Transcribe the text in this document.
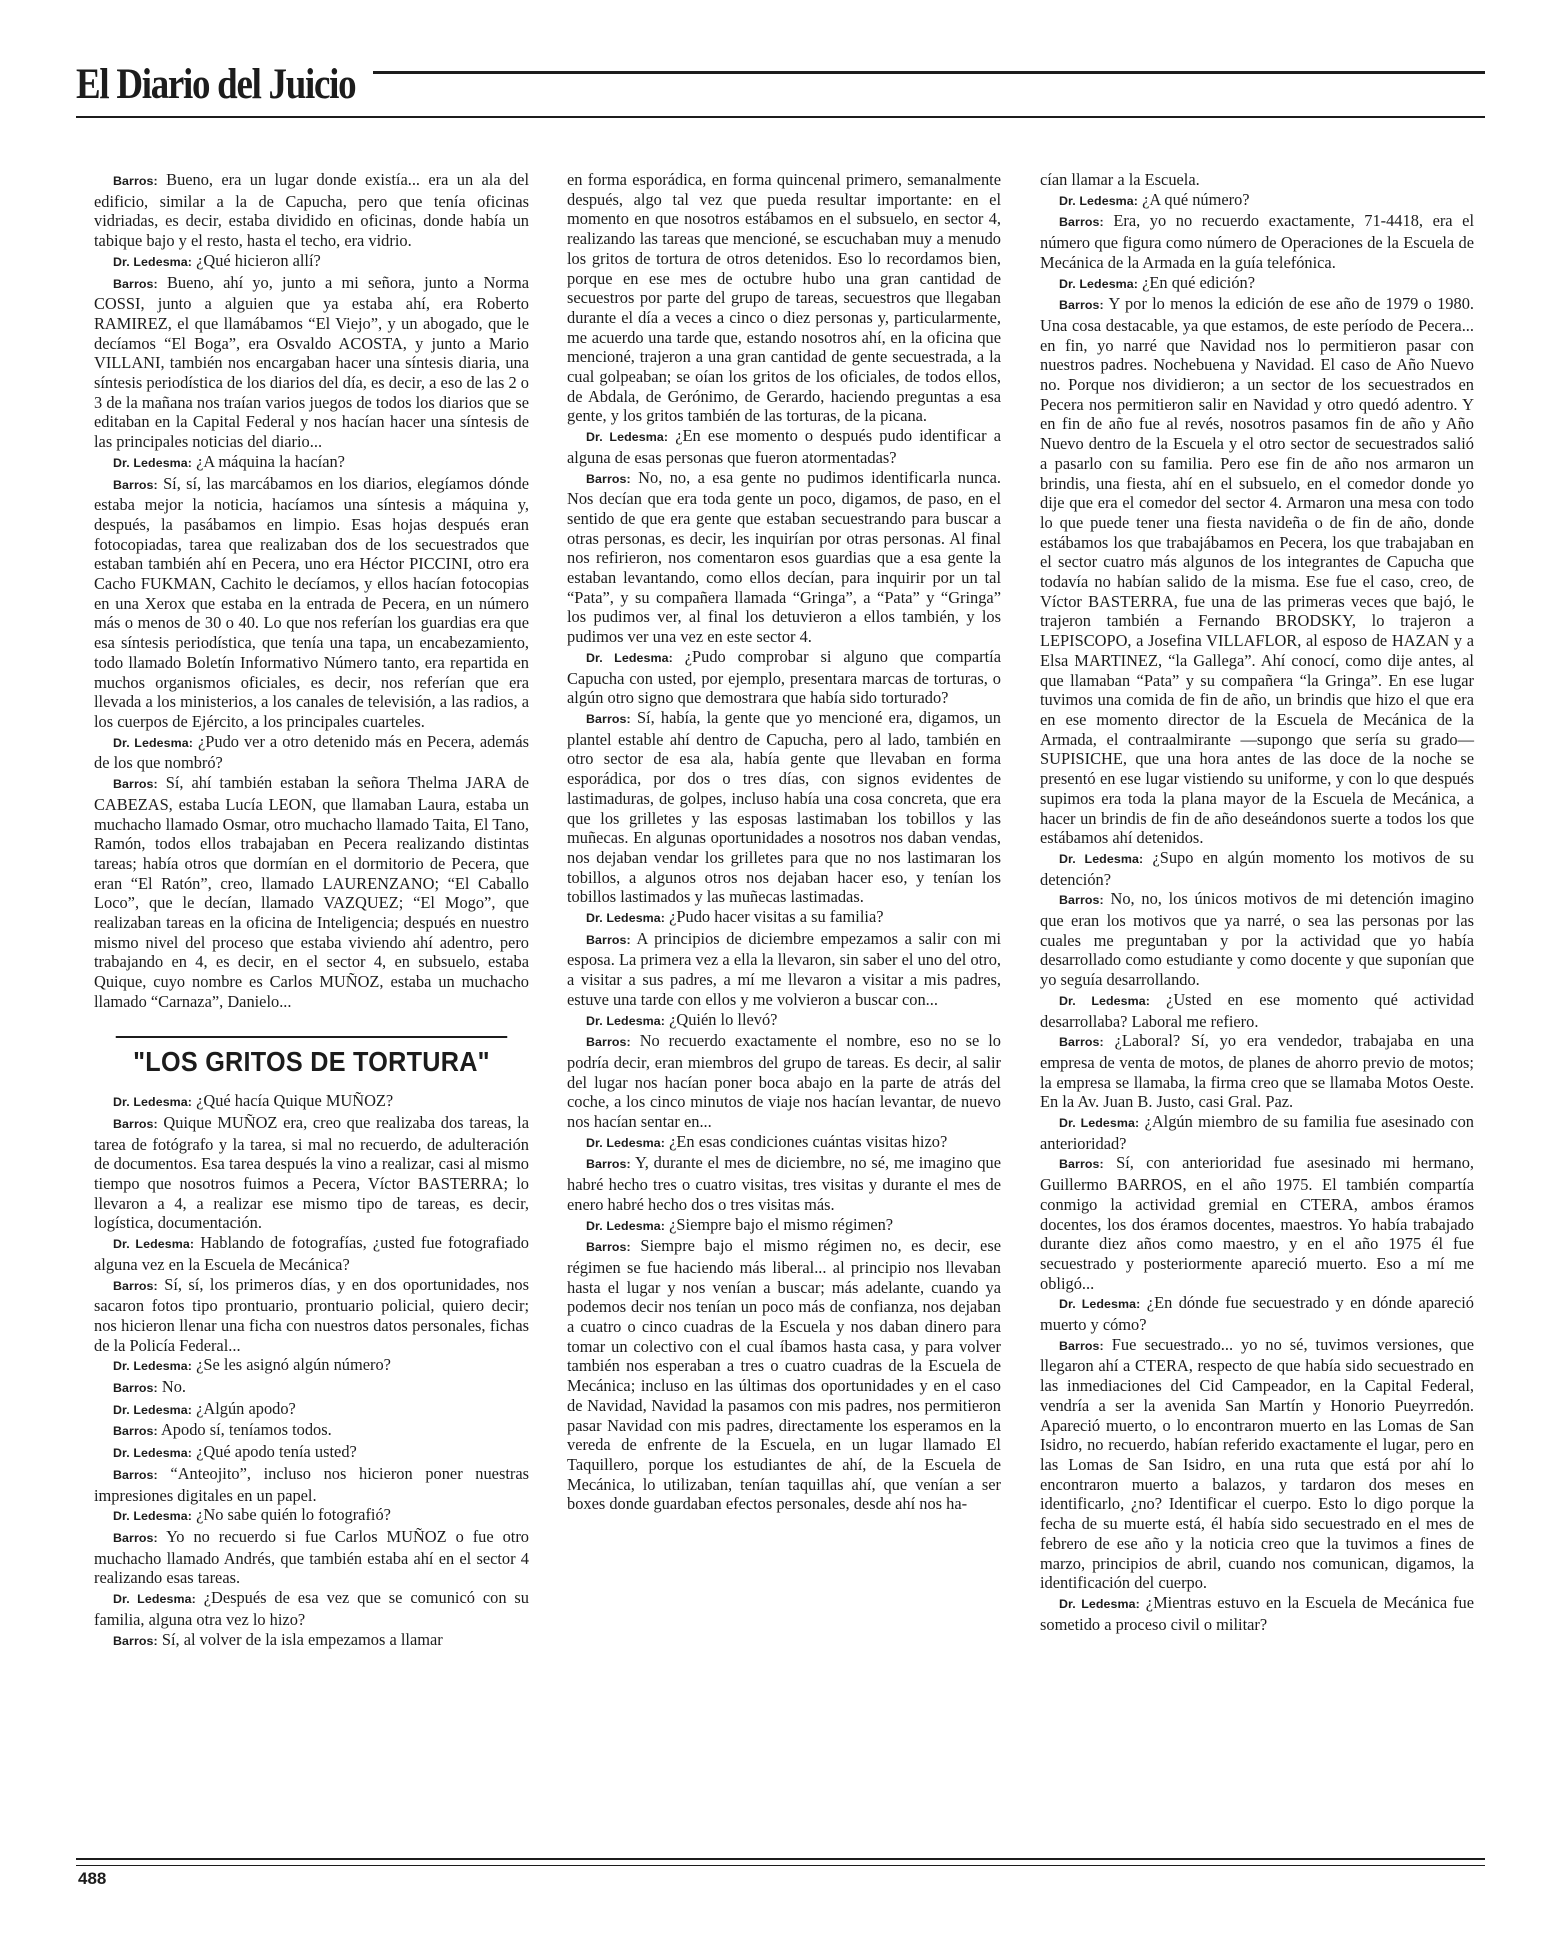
El Diario del Juicio

Barros: Bueno, era un lugar donde existía... era un ala del edificio, similar a la de Capucha, pero que tenía oficinas vidriadas, es decir, estaba dividido en oficinas, donde había un tabique bajo y el resto, hasta el techo, era vidrio.

Dr. Ledesma: ¿Qué hicieron allí?

Barros: Bueno, ahí yo, junto a mi señora, junto a Norma COSSI, junto a alguien que ya estaba ahí, era Roberto RAMIREZ, el que llamábamos “El Viejo”, y un abogado, que le decíamos “El Boga”, era Osvaldo ACOSTA, y junto a Mario VILLANI, también nos encargaban hacer una síntesis diaria, una síntesis periodística de los diarios del día, es decir, a eso de las 2 o 3 de la mañana nos traían varios juegos de todos los diarios que se editaban en la Capital Federal y nos hacían hacer una síntesis de las principales noticias del diario...

Dr. Ledesma: ¿A máquina la hacían?

Barros: Sí, sí, las marcábamos en los diarios, elegíamos dónde estaba mejor la noticia, hacíamos una síntesis a máquina y, después, la pasábamos en limpio. Esas hojas después eran fotocopiadas, tarea que realizaban dos de los secuestrados que estaban también ahí en Pecera, uno era Héctor PICCINI, otro era Cacho FUKMAN, Cachito le decíamos, y ellos hacían fotocopias en una Xerox que estaba en la entrada de Pecera, en un número más o menos de 30 o 40. Lo que nos referían los guardias era que esa síntesis periodística, que tenía una tapa, un encabezamiento, todo llamado Boletín Informativo Número tanto, era repartida en muchos organismos oficiales, es decir, nos referían que era llevada a los ministerios, a los canales de televisión, a las radios, a los cuerpos de Ejército, a los principales cuarteles.

Dr. Ledesma: ¿Pudo ver a otro detenido más en Pecera, además de los que nombró?

Barros: Sí, ahí también estaban la señora Thelma JARA de CABEZAS, estaba Lucía LEON, que llamaban Laura, estaba un muchacho llamado Osmar, otro muchacho llamado Taita, El Tano, Ramón, todos ellos trabajaban en Pecera realizando distintas tareas; había otros que dormían en el dormitorio de Pecera, que eran “El Ratón”, creo, llamado LAURENZANO; “El Caballo Loco”, que le decían, llamado VAZQUEZ; “El Mogo”, que realizaban tareas en la oficina de Inteligencia; después en nuestro mismo nivel del proceso que estaba viviendo ahí adentro, pero trabajando en 4, es decir, en el sector 4, en subsuelo, estaba Quique, cuyo nombre es Carlos MUÑOZ, estaba un muchacho llamado “Carnaza”, Danielo...

"LOS GRITOS DE TORTURA"

Dr. Ledesma: ¿Qué hacía Quique MUÑOZ?

Barros: Quique MUÑOZ era, creo que realizaba dos tareas, la tarea de fotógrafo y la tarea, si mal no recuerdo, de adulteración de documentos. Esa tarea después la vino a realizar, casi al mismo tiempo que nosotros fuimos a Pecera, Víctor BASTERRA; lo llevaron a 4, a realizar ese mismo tipo de tareas, es decir, logística, documentación.

Dr. Ledesma: Hablando de fotografías, ¿usted fue fotografiado alguna vez en la Escuela de Mecánica?

Barros: Sí, sí, los primeros días, y en dos oportunidades, nos sacaron fotos tipo prontuario, prontuario policial, quiero decir; nos hicieron llenar una ficha con nuestros datos personales, fichas de la Policía Federal...

Dr. Ledesma: ¿Se les asignó algún número?

Barros: No.

Dr. Ledesma: ¿Algún apodo?

Barros: Apodo sí, teníamos todos.

Dr. Ledesma: ¿Qué apodo tenía usted?

Barros: “Anteojito”, incluso nos hicieron poner nuestras impresiones digitales en un papel.

Dr. Ledesma: ¿No sabe quién lo fotografió?

Barros: Yo no recuerdo si fue Carlos MUÑOZ o fue otro muchacho llamado Andrés, que también estaba ahí en el sector 4 realizando esas tareas.

Dr. Ledesma: ¿Después de esa vez que se comunicó con su familia, alguna otra vez lo hizo?

Barros: Sí, al volver de la isla empezamos a llamar

en forma esporádica, en forma quincenal primero, semanalmente después, algo tal vez que pueda resultar importante: en el momento en que nosotros estábamos en el subsuelo, en sector 4, realizando las tareas que mencioné, se escuchaban muy a menudo los gritos de tortura de otros detenidos. Eso lo recordamos bien, porque en ese mes de octubre hubo una gran cantidad de secuestros por parte del grupo de tareas, secuestros que llegaban durante el día a veces a cinco o diez personas y, particularmente, me acuerdo una tarde que, estando nosotros ahí, en la oficina que mencioné, trajeron a una gran cantidad de gente secuestrada, a la cual golpeaban; se oían los gritos de los oficiales, de todos ellos, de Abdala, de Gerónimo, de Gerardo, haciendo preguntas a esa gente, y los gritos también de las torturas, de la picana.

Dr. Ledesma: ¿En ese momento o después pudo identificar a alguna de esas personas que fueron atormentadas?

Barros: No, no, a esa gente no pudimos identificarla nunca. Nos decían que era toda gente un poco, digamos, de paso, en el sentido de que era gente que estaban secuestrando para buscar a otras personas, es decir, les inquirían por otras personas. Al final nos refirieron, nos comentaron esos guardias que a esa gente la estaban levantando, como ellos decían, para inquirir por un tal “Pata”, y su compañera llamada “Gringa”, a “Pata” y “Gringa” los pudimos ver, al final los detuvieron a ellos también, y los pudimos ver una vez en este sector 4.

Dr. Ledesma: ¿Pudo comprobar si alguno que compartía Capucha con usted, por ejemplo, presentara marcas de torturas, o algún otro signo que demostrara que había sido torturado?

Barros: Sí, había, la gente que yo mencioné era, digamos, un plantel estable ahí dentro de Capucha, pero al lado, también en otro sector de esa ala, había gente que llevaban en forma esporádica, por dos o tres días, con signos evidentes de lastimaduras, de golpes, incluso había una cosa concreta, que era que los grilletes y las esposas lastimaban los tobillos y las muñecas. En algunas oportunidades a nosotros nos daban vendas, nos dejaban vendar los grilletes para que no nos lastimaran los tobillos, a algunos otros nos dejaban hacer eso, y tenían los tobillos lastimados y las muñecas lastimadas.

Dr. Ledesma: ¿Pudo hacer visitas a su familia?

Barros: A principios de diciembre empezamos a salir con mi esposa. La primera vez a ella la llevaron, sin saber el uno del otro, a visitar a sus padres, a mí me llevaron a visitar a mis padres, estuve una tarde con ellos y me volvieron a buscar con...

Dr. Ledesma: ¿Quién lo llevó?

Barros: No recuerdo exactamente el nombre, eso no se lo podría decir, eran miembros del grupo de tareas. Es decir, al salir del lugar nos hacían poner boca abajo en la parte de atrás del coche, a los cinco minutos de viaje nos hacían levantar, de nuevo nos hacían sentar en...

Dr. Ledesma: ¿En esas condiciones cuántas visitas hizo?

Barros: Y, durante el mes de diciembre, no sé, me imagino que habré hecho tres o cuatro visitas, tres visitas y durante el mes de enero habré hecho dos o tres visitas más.

Dr. Ledesma: ¿Siempre bajo el mismo régimen?

Barros: Siempre bajo el mismo régimen no, es decir, ese régimen se fue haciendo más liberal... al principio nos llevaban hasta el lugar y nos venían a buscar; más adelante, cuando ya podemos decir nos tenían un poco más de confianza, nos dejaban a cuatro o cinco cuadras de la Escuela y nos daban dinero para tomar un colectivo con el cual íbamos hasta casa, y para volver también nos esperaban a tres o cuatro cuadras de la Escuela de Mecánica; incluso en las últimas dos oportunidades y en el caso de Navidad, Navidad la pasamos con mis padres, nos permitieron pasar Navidad con mis padres, directamente los esperamos en la vereda de enfrente de la Escuela, en un lugar llamado El Taquillero, porque los estudiantes de ahí, de la Escuela de Mecánica, lo utilizaban, tenían taquillas ahí, que venían a ser boxes donde guardaban efectos personales, desde ahí nos ha-

cían llamar a la Escuela.

Dr. Ledesma: ¿A qué número?

Barros: Era, yo no recuerdo exactamente, 71-4418, era el número que figura como número de Operaciones de la Escuela de Mecánica de la Armada en la guía telefónica.

Dr. Ledesma: ¿En qué edición?

Barros: Y por lo menos la edición de ese año de 1979 o 1980. Una cosa destacable, ya que estamos, de este período de Pecera... en fin, yo narré que Navidad nos lo permitieron pasar con nuestros padres. Nochebuena y Navidad. El caso de Año Nuevo no. Porque nos dividieron; a un sector de los secuestrados en Pecera nos permitieron salir en Navidad y otro quedó adentro. Y en fin de año fue al revés, nosotros pasamos fin de año y Año Nuevo dentro de la Escuela y el otro sector de secuestrados salió a pasarlo con su familia. Pero ese fin de año nos armaron un brindis, una fiesta, ahí en el subsuelo, en el comedor donde yo dije que era el comedor del sector 4. Armaron una mesa con todo lo que puede tener una fiesta navideña o de fin de año, donde estábamos los que trabajábamos en Pecera, los que trabajaban en el sector cuatro más algunos de los integrantes de Capucha que todavía no habían salido de la misma. Ese fue el caso, creo, de Víctor BASTERRA, fue una de las primeras veces que bajó, le trajeron también a Fernando BRODSKY, lo trajeron a LEPISCOPO, a Josefina VILLAFLOR, al esposo de HAZAN y a Elsa MARTINEZ, “la Gallega”. Ahí conocí, como dije antes, al que llamaban “Pata” y su compañera “la Gringa”. En ese lugar tuvimos una comida de fin de año, un brindis que hizo el que era en ese momento director de la Escuela de Mecánica de la Armada, el contraalmirante —supongo que sería su grado— SUPISICHE, que una hora antes de las doce de la noche se presentó en ese lugar vistiendo su uniforme, y con lo que después supimos era toda la plana mayor de la Escuela de Mecánica, a hacer un brindis de fin de año deseándonos suerte a todos los que estábamos ahí detenidos.

Dr. Ledesma: ¿Supo en algún momento los motivos de su detención?

Barros: No, no, los únicos motivos de mi detención imagino que eran los motivos que ya narré, o sea las personas por las cuales me preguntaban y por la actividad que yo había desarrollado como estudiante y como docente y que suponían que yo seguía desarrollando.

Dr. Ledesma: ¿Usted en ese momento qué actividad desarrollaba? Laboral me refiero.

Barros: ¿Laboral? Sí, yo era vendedor, trabajaba en una empresa de venta de motos, de planes de ahorro previo de motos; la empresa se llamaba, la firma creo que se llamaba Motos Oeste. En la Av. Juan B. Justo, casi Gral. Paz.

Dr. Ledesma: ¿Algún miembro de su familia fue asesinado con anterioridad?

Barros: Sí, con anterioridad fue asesinado mi hermano, Guillermo BARROS, en el año 1975. El también compartía conmigo la actividad gremial en CTERA, ambos éramos docentes, los dos éramos docentes, maestros. Yo había trabajado durante diez años como maestro, y en el año 1975 él fue secuestrado y posteriormente apareció muerto. Eso a mí me obligó...

Dr. Ledesma: ¿En dónde fue secuestrado y en dónde apareció muerto y cómo?

Barros: Fue secuestrado... yo no sé, tuvimos versiones, que llegaron ahí a CTERA, respecto de que había sido secuestrado en las inmediaciones del Cid Campeador, en la Capital Federal, vendría a ser la avenida San Martín y Honorio Pueyrredón. Apareció muerto, o lo encontraron muerto en las Lomas de San Isidro, no recuerdo, habían referido exactamente el lugar, pero en las Lomas de San Isidro, en una ruta que está por ahí lo encontraron muerto a balazos, y tardaron dos meses en identificarlo, ¿no? Identificar el cuerpo. Esto lo digo porque la fecha de su muerte está, él había sido secuestrado en el mes de febrero de ese año y la noticia creo que la tuvimos a fines de marzo, principios de abril, cuando nos comunican, digamos, la identificación del cuerpo.

Dr. Ledesma: ¿Mientras estuvo en la Escuela de Mecánica fue sometido a proceso civil o militar?

488
